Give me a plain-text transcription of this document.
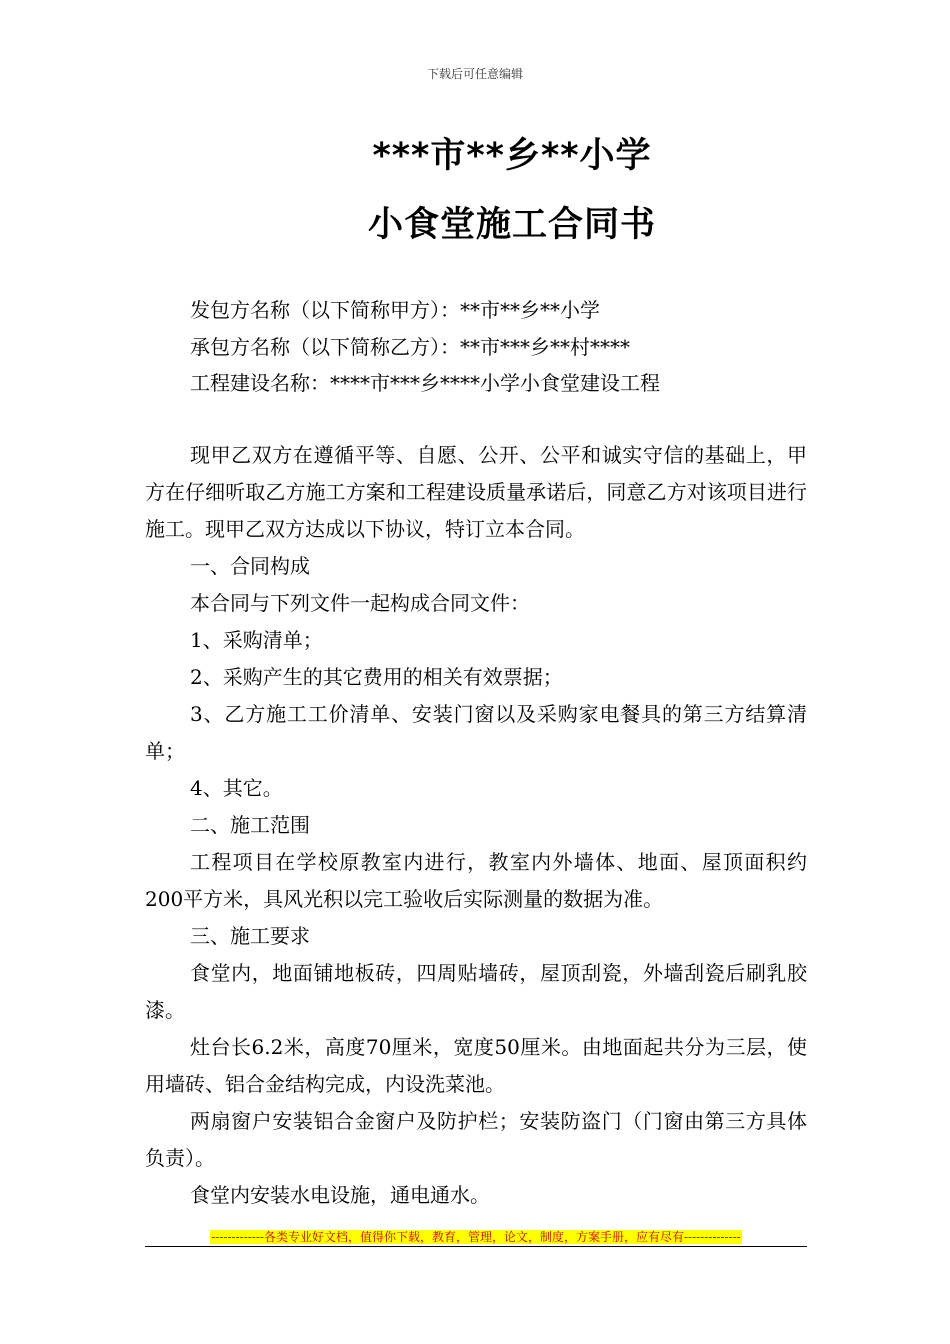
下载后可任意编辑
***市**乡**小学
小食堂施工合同书
发包方名称（以下简称甲方）：**市**乡**小学
承包方名称（以下简称乙方）：**市***乡**村****
工程建设名称：****市***乡****小学小食堂建设工程

现甲乙双方在遵循平等、自愿、公开、公平和诚实守信的基础上，甲方在仔细听取乙方施工方案和工程建设质量承诺后，同意乙方对该项目进行施工。现甲乙双方达成以下协议，特订立本合同。

一、合同构成

本合同与下列文件一起构成合同文件：

1、采购清单；

2、采购产生的其它费用的相关有效票据；

3、乙方施工工价清单、安装门窗以及采购家电餐具的第三方结算清单；

4、其它。

二、施工范围

工程项目在学校原教室内进行，教室内外墙体、地面、屋顶面积约200平方米，具风光积以完工验收后实际测量的数据为准。

三、施工要求

食堂内，地面铺地板砖，四周贴墙砖，屋顶刮瓷，外墙刮瓷后刷乳胶漆。

灶台长6.2米，高度70厘米，宽度50厘米。由地面起共分为三层，使用墙砖、铝合金结构完成，内设洗菜池。

两扇窗户安装铝合金窗户及防护栏；安装防盗门（门窗由第三方具体负责）。

食堂内安装水电设施，通电通水。

-------------各类专业好文档，值得你下载，教育，管理，论文，制度，方案手册，应有尽有--------------
